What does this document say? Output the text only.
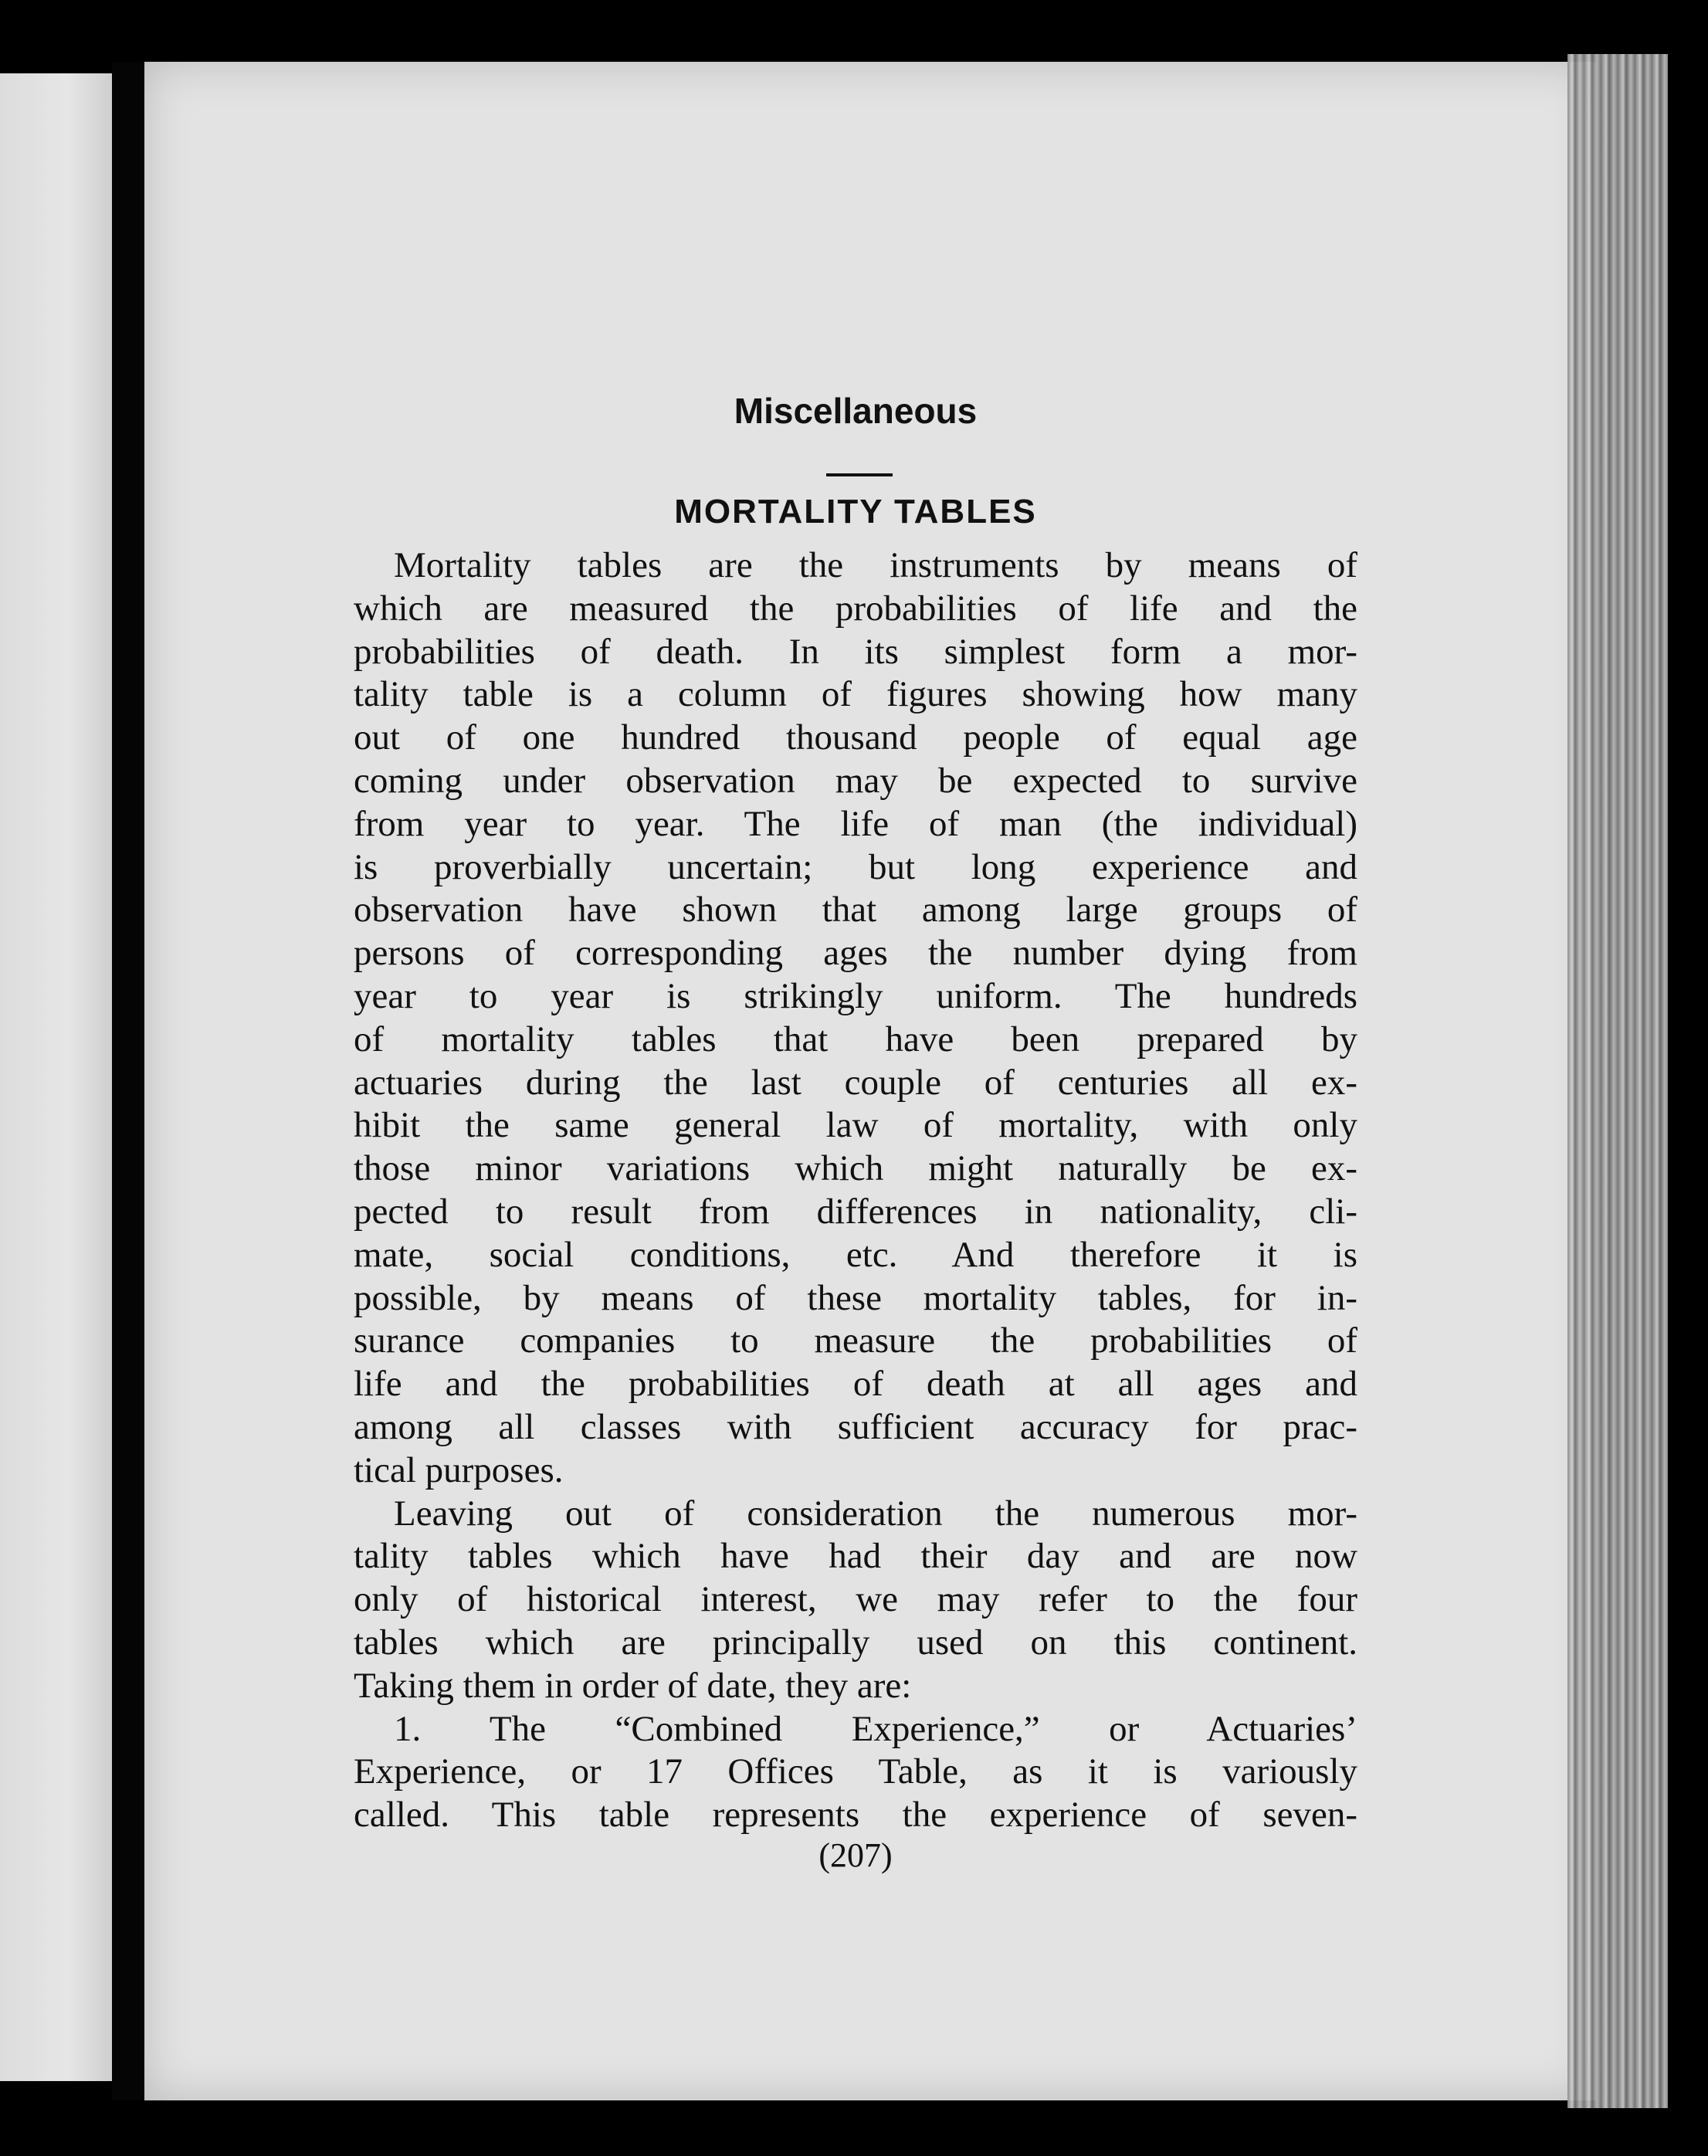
Miscellaneous
MORTALITY TABLES
Mortality tables are the instruments by means of
which are measured the probabilities of life and the
probabilities of death. In its simplest form a mor-
tality table is a column of figures showing how many
out of one hundred thousand people of equal age
coming under observation may be expected to survive
from year to year. The life of man (the individual)
is proverbially uncertain; but long experience and
observation have shown that among large groups of
persons of corresponding ages the number dying from
year to year is strikingly uniform. The hundreds
of mortality tables that have been prepared by
actuaries during the last couple of centuries all ex-
hibit the same general law of mortality, with only
those minor variations which might naturally be ex-
pected to result from differences in nationality, cli-
mate, social conditions, etc. And therefore it is
possible, by means of these mortality tables, for in-
surance companies to measure the probabilities of
life and the probabilities of death at all ages and
among all classes with sufficient accuracy for prac-
tical purposes.
Leaving out of consideration the numerous mor-
tality tables which have had their day and are now
only of historical interest, we may refer to the four
tables which are principally used on this continent.
Taking them in order of date, they are:
1. The “Combined Experience,” or Actuaries’
Experience, or 17 Offices Table, as it is variously
called. This table represents the experience of seven-
(207)
